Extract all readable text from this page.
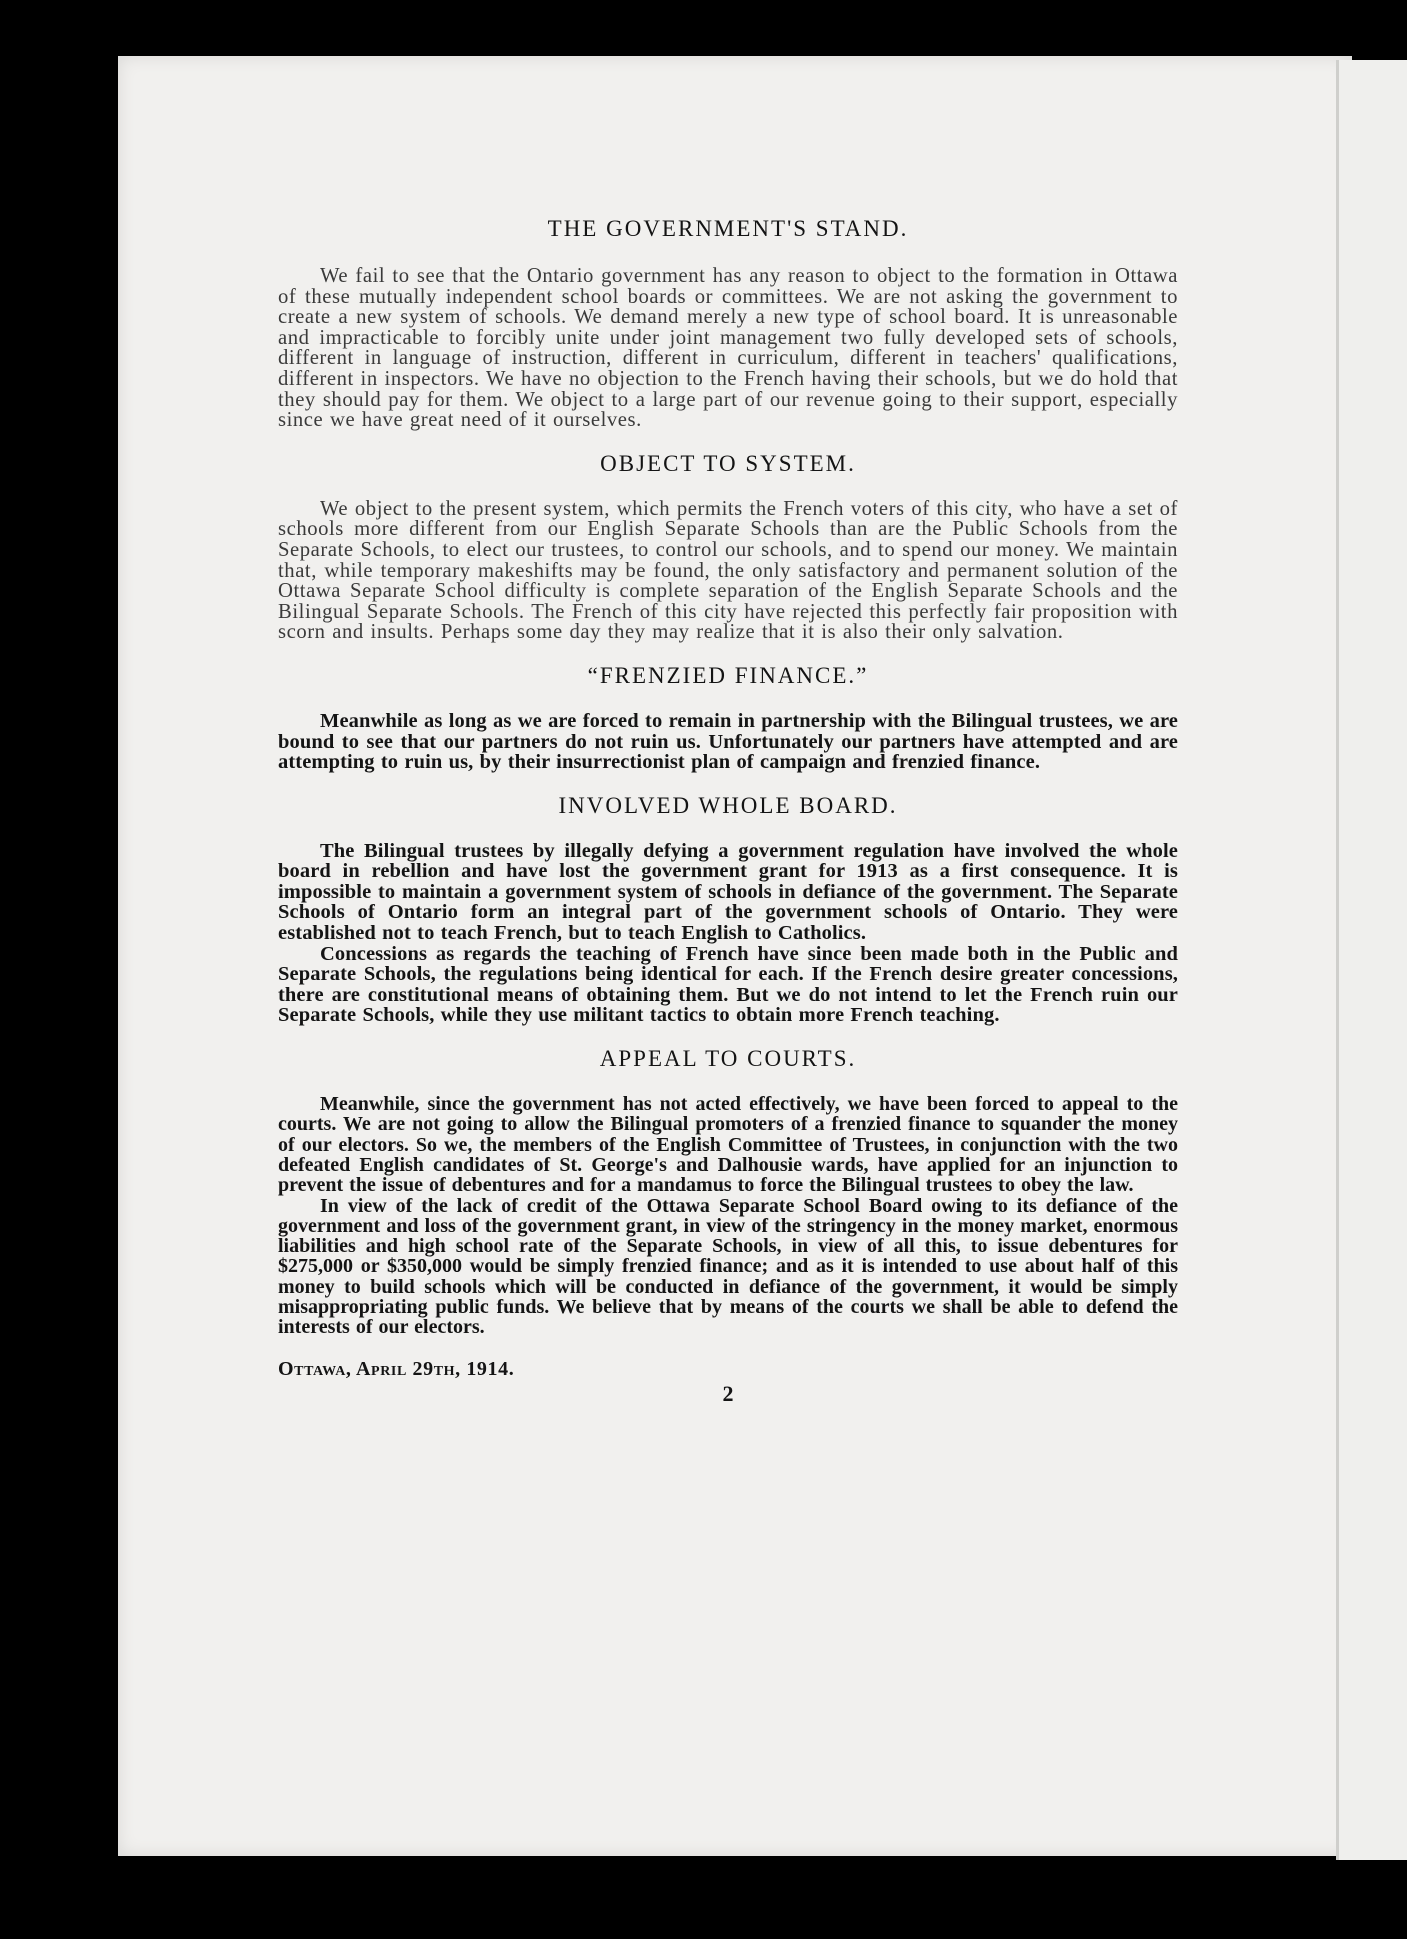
THE GOVERNMENT'S STAND.

We fail to see that the Ontario government has any reason to object to the formation in Ottawa of these mutually independent school boards or committees. We are not asking the government to create a new system of schools. We demand merely a new type of school board. It is unreasonable and impracticable to forcibly unite under joint management two fully developed sets of schools, different in language of instruction, different in curriculum, different in teachers' qualifications, different in inspectors. We have no objection to the French having their schools, but we do hold that they should pay for them. We object to a large part of our revenue going to their support, especially since we have great need of it ourselves.

OBJECT TO SYSTEM.

We object to the present system, which permits the French voters of this city, who have a set of schools more different from our English Separate Schools than are the Public Schools from the Separate Schools, to elect our trustees, to control our schools, and to spend our money. We maintain that, while temporary makeshifts may be found, the only satisfactory and permanent solution of the Ottawa Separate School difficulty is complete separation of the English Separate Schools and the Bilingual Separate Schools. The French of this city have rejected this perfectly fair proposition with scorn and insults. Perhaps some day they may realize that it is also their only salvation.

“FRENZIED FINANCE.”

Meanwhile as long as we are forced to remain in partnership with the Bilingual trustees, we are bound to see that our partners do not ruin us. Unfortunately our partners have attempted and are attempting to ruin us, by their insurrectionist plan of campaign and frenzied finance.

INVOLVED WHOLE BOARD.

The Bilingual trustees by illegally defying a government regulation have involved the whole board in rebellion and have lost the government grant for 1913 as a first consequence. It is impossible to maintain a government system of schools in defiance of the government. The Separate Schools of Ontario form an integral part of the government schools of Ontario. They were established not to teach French, but to teach English to Catholics.

Concessions as regards the teaching of French have since been made both in the Public and Separate Schools, the regulations being identical for each. If the French desire greater concessions, there are constitutional means of obtaining them. But we do not intend to let the French ruin our Separate Schools, while they use militant tactics to obtain more French teaching.

APPEAL TO COURTS.

Meanwhile, since the government has not acted effectively, we have been forced to appeal to the courts. We are not going to allow the Bilingual promoters of a frenzied finance to squander the money of our electors. So we, the members of the English Committee of Trustees, in conjunction with the two defeated English candidates of St. George's and Dalhousie wards, have applied for an injunction to prevent the issue of debentures and for a mandamus to force the Bilingual trustees to obey the law.

In view of the lack of credit of the Ottawa Separate School Board owing to its defiance of the government and loss of the government grant, in view of the stringency in the money market, enormous liabilities and high school rate of the Separate Schools, in view of all this, to issue debentures for $275,000 or $350,000 would be simply frenzied finance; and as it is intended to use about half of this money to build schools which will be conducted in defiance of the government, it would be simply misappropriating public funds. We believe that by means of the courts we shall be able to defend the interests of our electors.

Ottawa, April 29th, 1914.
2
